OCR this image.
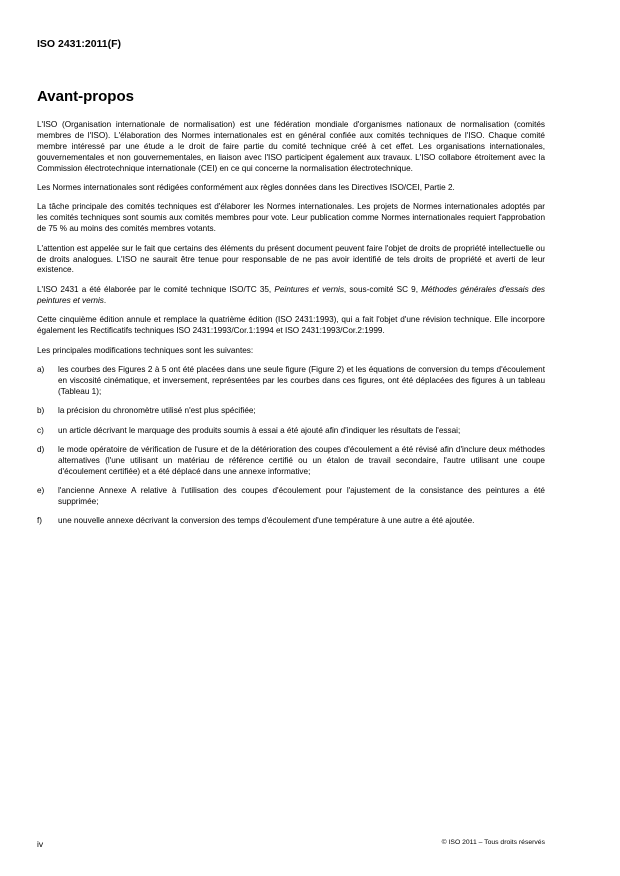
ISO 2431:2011(F)
Avant-propos

L'ISO (Organisation internationale de normalisation) est une fédération mondiale d'organismes nationaux de normalisation (comités membres de l'ISO). L'élaboration des Normes internationales est en général confiée aux comités techniques de l'ISO. Chaque comité membre intéressé par une étude a le droit de faire partie du comité technique créé à cet effet. Les organisations internationales, gouvernementales et non gouvernementales, en liaison avec l'ISO participent également aux travaux. L'ISO collabore étroitement avec la Commission électrotechnique internationale (CEI) en ce qui concerne la normalisation électrotechnique.

Les Normes internationales sont rédigées conformément aux règles données dans les Directives ISO/CEI, Partie 2.

La tâche principale des comités techniques est d'élaborer les Normes internationales. Les projets de Normes internationales adoptés par les comités techniques sont soumis aux comités membres pour vote. Leur publication comme Normes internationales requiert l'approbation de 75 % au moins des comités membres votants.

L'attention est appelée sur le fait que certains des éléments du présent document peuvent faire l'objet de droits de propriété intellectuelle ou de droits analogues. L'ISO ne saurait être tenue pour responsable de ne pas avoir identifié de tels droits de propriété et averti de leur existence.

L'ISO 2431 a été élaborée par le comité technique ISO/TC 35, Peintures et vernis, sous-comité SC 9, Méthodes générales d'essais des peintures et vernis.

Cette cinquième édition annule et remplace la quatrième édition (ISO 2431:1993), qui a fait l'objet d'une révision technique. Elle incorpore également les Rectificatifs techniques ISO 2431:1993/Cor.1:1994 et ISO 2431:1993/Cor.2:1999.

Les principales modifications techniques sont les suivantes:

a) les courbes des Figures 2 à 5 ont été placées dans une seule figure (Figure 2) et les équations de conversion du temps d'écoulement en viscosité cinématique, et inversement, représentées par les courbes dans ces figures, ont été déplacées des figures à un tableau (Tableau 1);
b) la précision du chronomètre utilisé n'est plus spécifiée;
c) un article décrivant le marquage des produits soumis à essai a été ajouté afin d'indiquer les résultats de l'essai;
d) le mode opératoire de vérification de l'usure et de la détérioration des coupes d'écoulement a été révisé afin d'inclure deux méthodes alternatives (l'une utilisant un matériau de référence certifié ou un étalon de travail secondaire, l'autre utilisant une coupe d'écoulement certifiée) et a été déplacé dans une annexe informative;
e) l'ancienne Annexe A relative à l'utilisation des coupes d'écoulement pour l'ajustement de la consistance des peintures a été supprimée;
f) une nouvelle annexe décrivant la conversion des temps d'écoulement d'une température à une autre a été ajoutée.
iv	© ISO 2011 – Tous droits réservés
